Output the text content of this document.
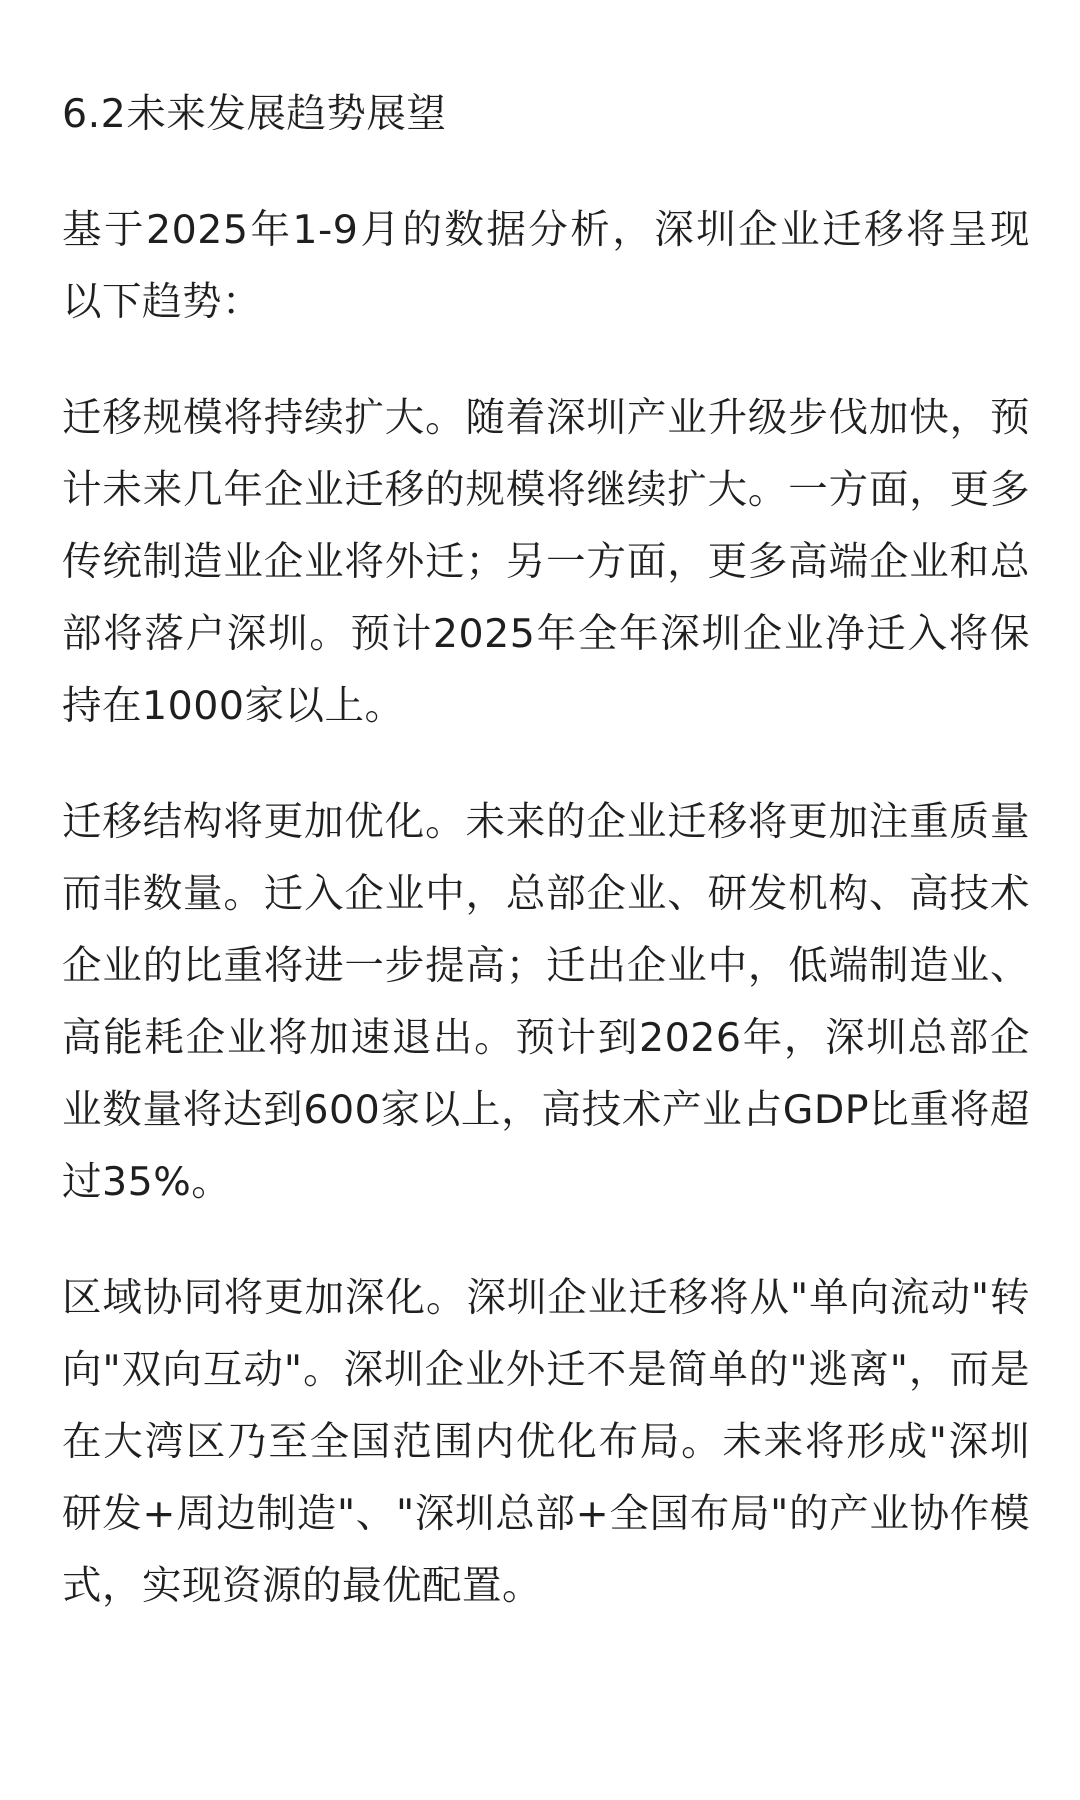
6.2未来发展趋势展望

基于2025年1-9月的数据分析，深圳企业迁移将呈现以下趋势：

迁移规模将持续扩大。随着深圳产业升级步伐加快，预计未来几年企业迁移的规模将继续扩大。一方面，更多传统制造业企业将外迁；另一方面，更多高端企业和总部将落户深圳。预计2025年全年深圳企业净迁入将保持在1000家以上。

迁移结构将更加优化。未来的企业迁移将更加注重质量而非数量。迁入企业中，总部企业、研发机构、高技术企业的比重将进一步提高；迁出企业中，低端制造业、高能耗企业将加速退出。预计到2026年，深圳总部企业数量将达到600家以上，高技术产业占GDP比重将超过35%。

区域协同将更加深化。深圳企业迁移将从"单向流动"转向"双向互动"。深圳企业外迁不是简单的"逃离"，而是在大湾区乃至全国范围内优化布局。未来将形成"深圳研发+周边制造"、"深圳总部+全国布局"的产业协作模式，实现资源的最优配置。
